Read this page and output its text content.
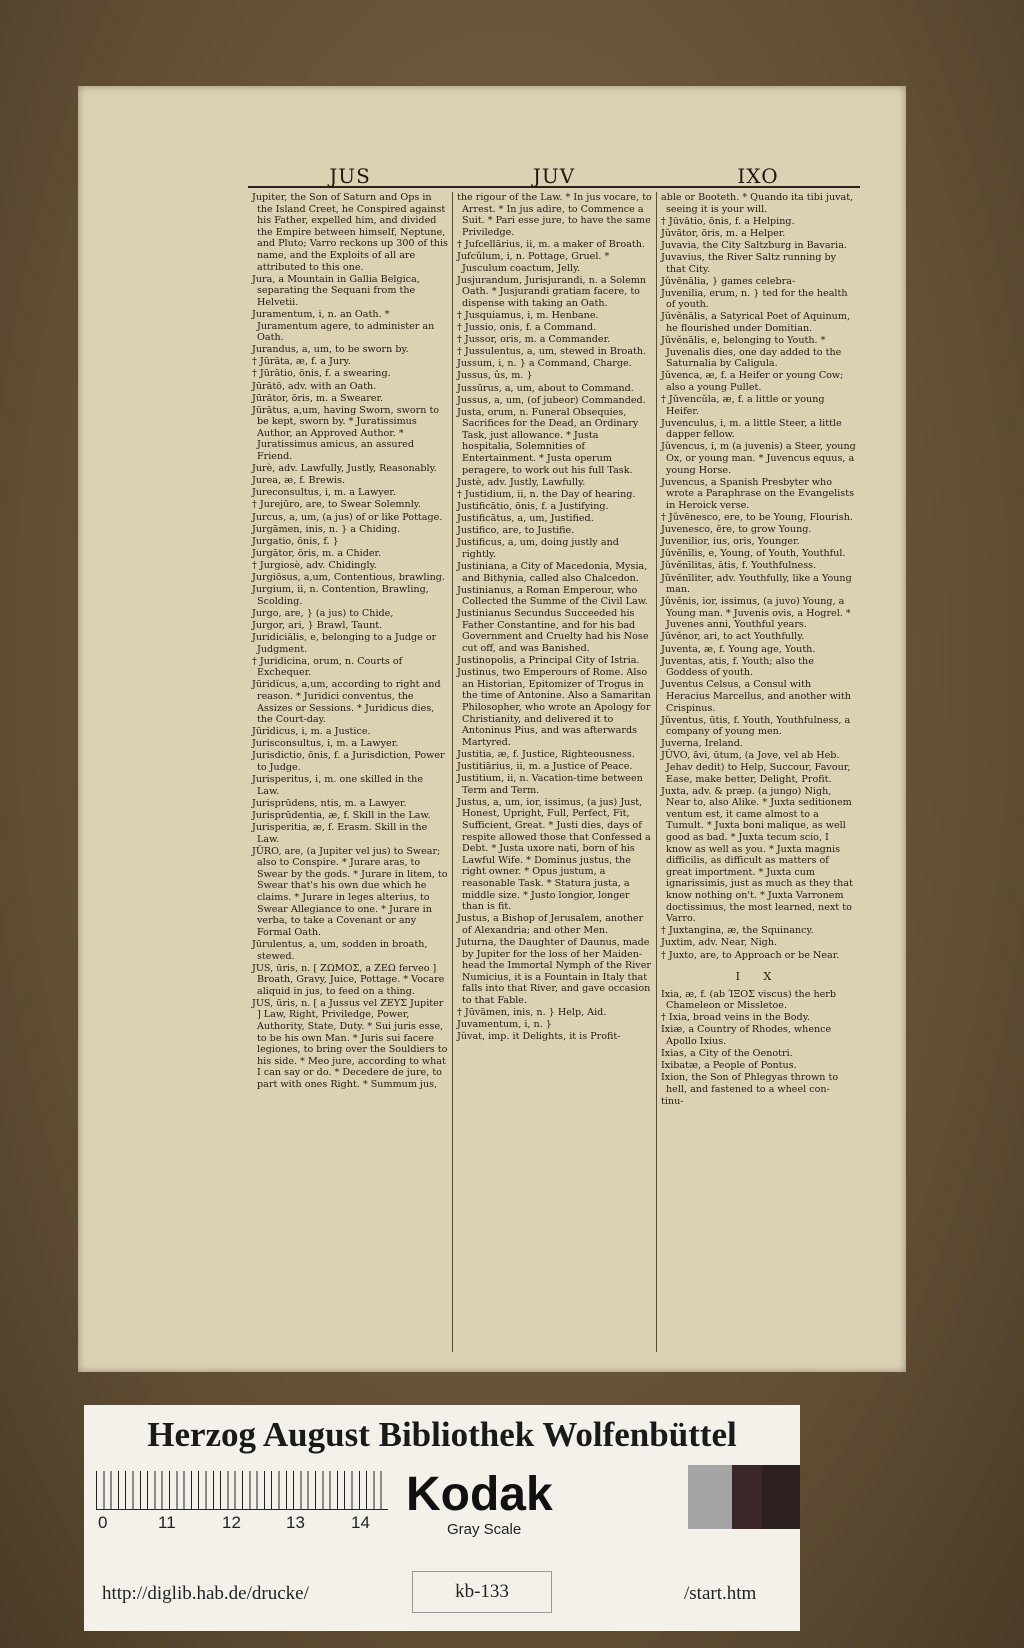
JUS	JUV	IXO
Jupiter, the Son of Saturn and Ops in the Island Creet, he Conspired against his Father, expelled him, and divided the Empire between himself, Neptune, and Pluto; Varro reckons up 300 of this name, and the Exploits of all are attributed to this one.
Jura, a Mountain in Gallia Belgica, separating the Sequani from the Helvetii.
Juramentum, i, n. an Oath. * Juramentum agere, to administer an Oath.
Jurandus, a, um, to be sworn by.
† Jūrāta, æ, f. a Jury.
† Jūrātio, ōnis, f. a swearing.
Jūrātō, adv. with an Oath.
Jūrātor, ōris, m. a Swearer.
Jūrātus, a,um, having Sworn, sworn to be kept, sworn by. * Juratissimus Author, an Approved Author. * Juratissimus amicus, an assured Friend.
Jurè, adv. Lawfully, Justly, Reasonably.
Jurea, æ, f. Brewis.
Jureconsultus, i, m. a Lawyer.
† Jurejūro, are, to Swear Solemnly.
Jurcus, a, um, (a jus) of or like Pottage.
Jurgāmen, inis, n. } a Chiding.
Jurgatio, ōnis, f. }
Jurgātor, ōris, m. a Chider.
† Jurgiosè, adv. Chidingly.
Jurgiōsus, a,um, Contentious, brawling.
Jurgium, ii, n. Contention, Brawling, Scolding.
Jurgo, are, } (a jus) to Chide,
Jurgor, ari, } Brawl, Taunt.
Juridiciālis, e, belonging to a Judge or Judgment.
† Juridicina, orum, n. Courts of Exchequer.
Jūridĭcus, a,um, according to right and reason. * Juridici conventus, the Assizes or Sessions. * Juridicus dies, the Court-day.
Jūrĭdicus, i, m. a Justice.
Jurisconsultus, i, m. a Lawyer.
Jurisdictio, ōnis, f. a Jurisdiction, Power to Judge.
Jurisperitus, i, m. one skilled in the Law.
Jurisprūdens, ntis, m. a Lawyer.
Jurisprūdentia, æ, f. Skill in the Law.
Jurisperitia, æ, f. Erasm. Skill in the Law.
JŪRO, are, (a Jupiter vel jus) to Swear; also to Conspire. * Jurare aras, to Swear by the gods. * Jurare in litem, to Swear that's his own due which he claims. * Jurare in leges alterius, to Swear Allegiance to one. * Jurare in verba, to take a Covenant or any Formal Oath.
Jūrulentus, a, um, sodden in broath, stewed.
JUS, ūris, n. [ ΖΩΜΟΣ, a ΖΕΩ ferveo ] Broath, Gravy, Juice, Pottage. * Vocare aliquid in jus, to feed on a thing.
JUS, ūris, n. [ a Jussus vel ΖΕΥΣ Jupiter ] Law, Right, Priviledge, Power, Authority, State, Duty. * Sui juris esse, to be his own Man. * Juris sui facere legiones, to bring over the Souldiers to his side. * Meo jure, according to what I can say or do. * Decedere de jure, to part with ones Right. * Summum jus,
the rigour of the Law. * In jus vocare, to Arrest. * In jus adire, to Commence a Suit. * Pari esse jure, to have the same Priviledge.
† Jufcellārius, ii, m. a maker of Broath.
Jufcŭlum, i, n. Pottage, Gruel. * Jusculum coactum, Jelly.
Jusjurandum, Jurisjurandi, n. a Solemn Oath. * Jusjurandi gratiam facere, to dispense with taking an Oath.
† Jusquiamus, i, m. Henbane.
† Jussio, onis, f. a Command.
† Jussor, oris, m. a Commander.
† Jussulentus, a, um, stewed in Broath.
Jussum, i, n. } a Command, Charge.
Jussus, ûs, m. }
Jussūrus, a, um, about to Command.
Jussus, a, um, (of jubeor) Commanded.
Justa, orum, n. Funeral Obsequies, Sacrifices for the Dead, an Ordinary Task, just allowance. * Justa hospitalia, Solemnities of Entertainment. * Justa operum peragere, to work out his full Task.
Justè, adv. Justly, Lawfully.
† Justidium, ii, n. the Day of hearing.
Justificātio, ōnis, f. a Justifying.
Justificātus, a, um, Justified.
Justifico, are, to Justifie.
Justificus, a, um, doing justly and rightly.
Justiniana, a City of Macedonia, Mysia, and Bithynia, called also Chalcedon.
Justinianus, a Roman Emperour, who Collected the Summe of the Civil Law.
Justinianus Secundus Succeeded his Father Constantine, and for his bad Government and Cruelty had his Nose cut off, and was Banished.
Justinopolis, a Principal City of Istria.
Justinus, two Emperours of Rome. Also an Historian, Epitomizer of Trogus in the time of Antonine. Also a Samaritan Philosopher, who wrote an Apology for Christianity, and delivered it to Antoninus Pius, and was afterwards Martyred.
Justitia, æ, f. Justice, Righteousness.
Justitiārius, ii, m. a Justice of Peace.
Justitium, ii, n. Vacation-time between Term and Term.
Justus, a, um, ior, issimus, (a jus) Just, Honest, Upright, Full, Perfect, Fit, Sufficient, Great. * Justi dies, days of respite allowed those that Confessed a Debt. * Justa uxore nati, born of his Lawful Wife. * Dominus justus, the right owner. * Opus justum, a reasonable Task. * Statura justa, a middle size. * Justo longior, longer than is fit.
Justus, a Bishop of Jerusalem, another of Alexandria; and other Men.
Juturna, the Daughter of Daunus, made by Jupiter for the loss of her Maiden-head the Immortal Nymph of the River Numicius, it is a Fountain in Italy that falls into that River, and gave occasion to that Fable.
† Jūvāmen, inis, n. } Help, Aid.
Juvamentum, i, n. }
Jŭvat, imp. it Delights, it is Profit-
able or Booteth. * Quando ita tibi juvat, seeing it is your will.
† Jūvātio, ōnis, f. a Helping.
Jŭvātor, ōris, m. a Helper.
Juvavia, the City Saltzburg in Bavaria.
Juvavius, the River Saltz running by that City.
Jŭvēnālia, } games celebra-
Juvenilia, erum, n. } ted for the health of youth.
Jŭvĕnālis, a Satyrical Poet of Aquinum, he flourished under Domitian.
Jŭvĕnālis, e, belonging to Youth. * Juvenalis dies, one day added to the Saturnalia by Caligula.
Jŭvenca, æ, f. a Heifer or young Cow; also a young Pullet.
† Jŭvencŭla, æ, f. a little or young Heifer.
Juvenculus, i, m. a little Steer, a little dapper fellow.
Jŭvencus, i, m (a juvenis) a Steer, young Ox, or young man. * Juvencus equus, a young Horse.
Juvencus, a Spanish Presbyter who wrote a Paraphrase on the Evangelists in Heroick verse.
† Jŭvēnesco, ere, to be Young, Flourish.
Juvenesco, ĕre, to grow Young.
Juvenilior, ius, oris, Younger.
Jŭvĕnīlis, e, Young, of Youth, Youthful.
Jŭvĕnīlitas, ātis, f. Youthfulness.
Jŭvĕnīliter, adv. Youthfully, like a Young man.
Jŭvĕnis, ior, issimus, (a juvo) Young, a Young man. * Juvenis ovis, a Hogrel. * Juvenes anni, Youthful years.
Jŭvĕnor, ari, to act Youthfully.
Juventa, æ, f. Young age, Youth.
Juventas, atis, f. Youth; also the Goddess of youth.
Juventus Celsus, a Consul with Heracius Marcellus, and another with Crispinus.
Jŭventus, ūtis, f. Youth, Youthfulness, a company of young men.
Juverna, Ireland.
JŬVO, āvi, ūtum, (a Jove, vel ab Heb. Jehav dedit) to Help, Succour, Favour, Ease, make better, Delight, Profit.
Juxta, adv. & præp. (a jungo) Nigh, Near to, also Alike. * Juxta seditionem ventum est, it came almost to a Tumult. * Juxta boni malique, as well good as bad. * Juxta tecum scio, I know as well as you. * Juxta magnis difficilis, as difficult as matters of great importment. * Juxta cum ignarissimis, just as much as they that know nothing on't. * Juxta Varronem doctissimus, the most learned, next to Varro.
† Juxtangina, æ, the Squinancy.
Juxtim, adv. Near, Nigh.
† Juxto, are, to Approach or be Near.
I X
Ixia, æ, f. (ab ΊΞΟΣ viscus) the herb Chameleon or Missletoe.
† Ixia, broad veins in the Body.
Ixiæ, a Country of Rhodes, whence Apollo Ixius.
Ixias, a City of the Oenotri.
Ixibatæ, a People of Pontus.
Ixion, the Son of Phlegyas thrown to hell, and fastened to a wheel con-
tinu-
Herzog August Bibliothek Wolfenbüttel
0	11	12	13	14
Kodak
Gray Scale
http://diglib.hab.de/drucke/	kb-133	/start.htm
